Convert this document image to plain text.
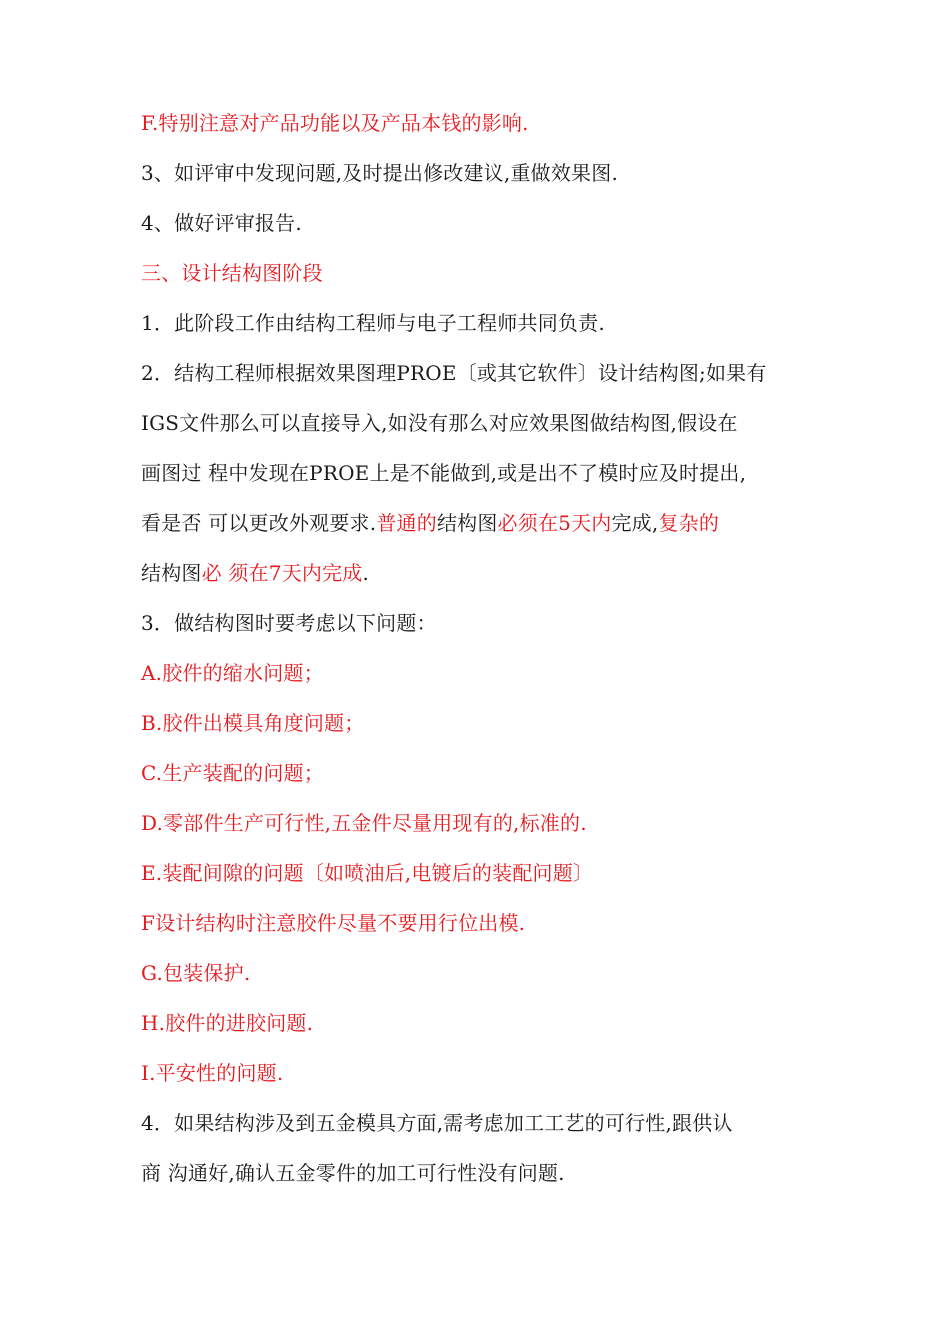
F.特别注意对产品功能以及产品本钱的影响.
3、如评审中发现问题,及时提出修改建议,重做效果图.
4、做好评审报告.
三、设计结构图阶段
1．此阶段工作由结构工程师与电子工程师共同负责.
2．结构工程师根据效果图理PROE〔或其它软件〕设计结构图;如果有
IGS文件那么可以直接导入,如没有那么对应效果图做结构图,假设在
画图过 程中发现在PROE上是不能做到,或是出不了模时应及时提出,
看是否 可以更改外观要求.普通的结构图必须在5天内完成,复杂的
结构图必 须在7天内完成.
3．做结构图时要考虑以下问题：
A.胶件的缩水问题；
B.胶件出模具角度问题；
C.生产装配的问题；
D.零部件生产可行性,五金件尽量用现有的,标准的.
E.装配间隙的问题〔如喷油后,电镀后的装配问题〕
F设计结构时注意胶件尽量不要用行位出模.
G.包装保护.
H.胶件的进胶问题.
I.平安性的问题.
4．如果结构涉及到五金模具方面,需考虑加工工艺的可行性,跟供认
商 沟通好,确认五金零件的加工可行性没有问题.
